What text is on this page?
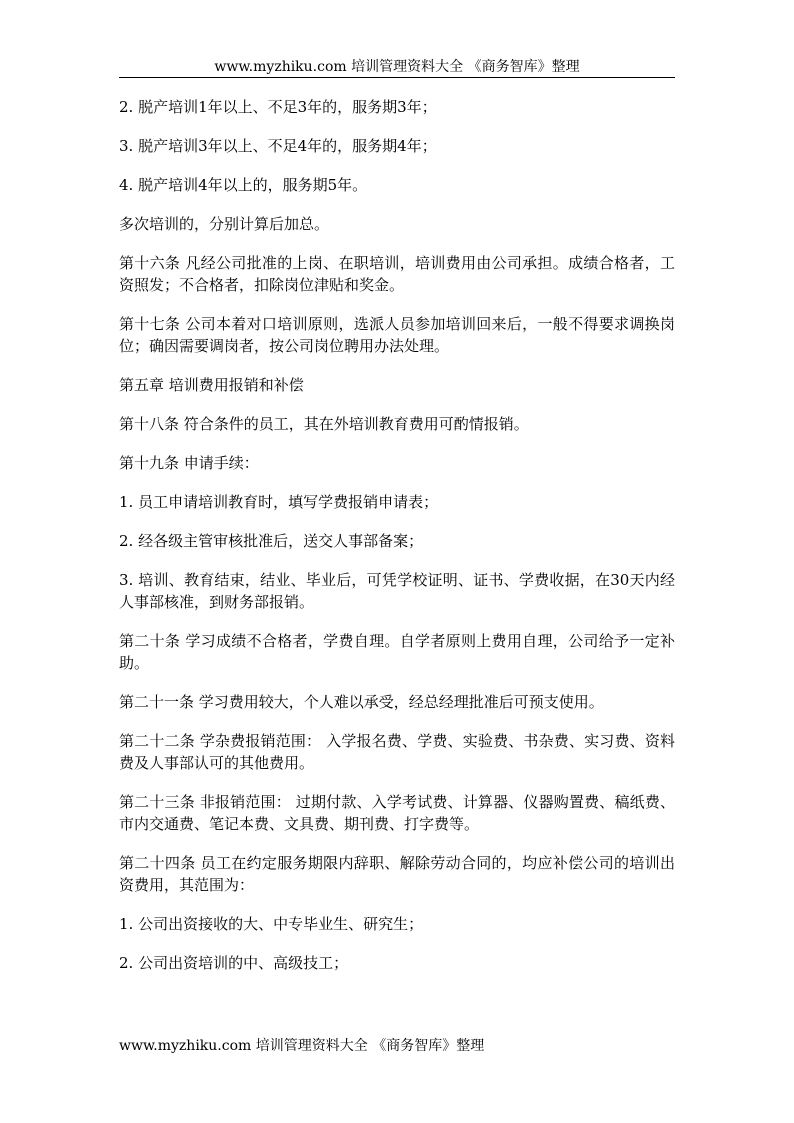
www.myzhiku.com 培训管理资料大全 《商务智库》整理

2. 脱产培训1年以上、不足3年的，服务期3年；

3. 脱产培训3年以上、不足4年的，服务期4年；

4. 脱产培训4年以上的，服务期5年。

多次培训的，分别计算后加总。

第十六条 凡经公司批准的上岗、在职培训，培训费用由公司承担。成绩合格者，工资照发；不合格者，扣除岗位津贴和奖金。

第十七条 公司本着对口培训原则，选派人员参加培训回来后，一般不得要求调换岗位；确因需要调岗者，按公司岗位聘用办法处理。

第五章 培训费用报销和补偿

第十八条 符合条件的员工，其在外培训教育费用可酌情报销。

第十九条 申请手续：

1. 员工申请培训教育时，填写学费报销申请表；

2. 经各级主管审核批准后，送交人事部备案；

3. 培训、教育结束，结业、毕业后，可凭学校证明、证书、学费收据，在30天内经人事部核准，到财务部报销。

第二十条 学习成绩不合格者，学费自理。自学者原则上费用自理，公司给予一定补助。

第二十一条 学习费用较大，个人难以承受，经总经理批准后可预支使用。

第二十二条 学杂费报销范围： 入学报名费、学费、实验费、书杂费、实习费、资料费及人事部认可的其他费用。

第二十三条 非报销范围： 过期付款、入学考试费、计算器、仪器购置费、稿纸费、市内交通费、笔记本费、文具费、期刊费、打字费等。

第二十四条 员工在约定服务期限内辞职、解除劳动合同的，均应补偿公司的培训出资费用，其范围为：

1. 公司出资接收的大、中专毕业生、研究生；

2. 公司出资培训的中、高级技工；

www.myzhiku.com 培训管理资料大全 《商务智库》整理
